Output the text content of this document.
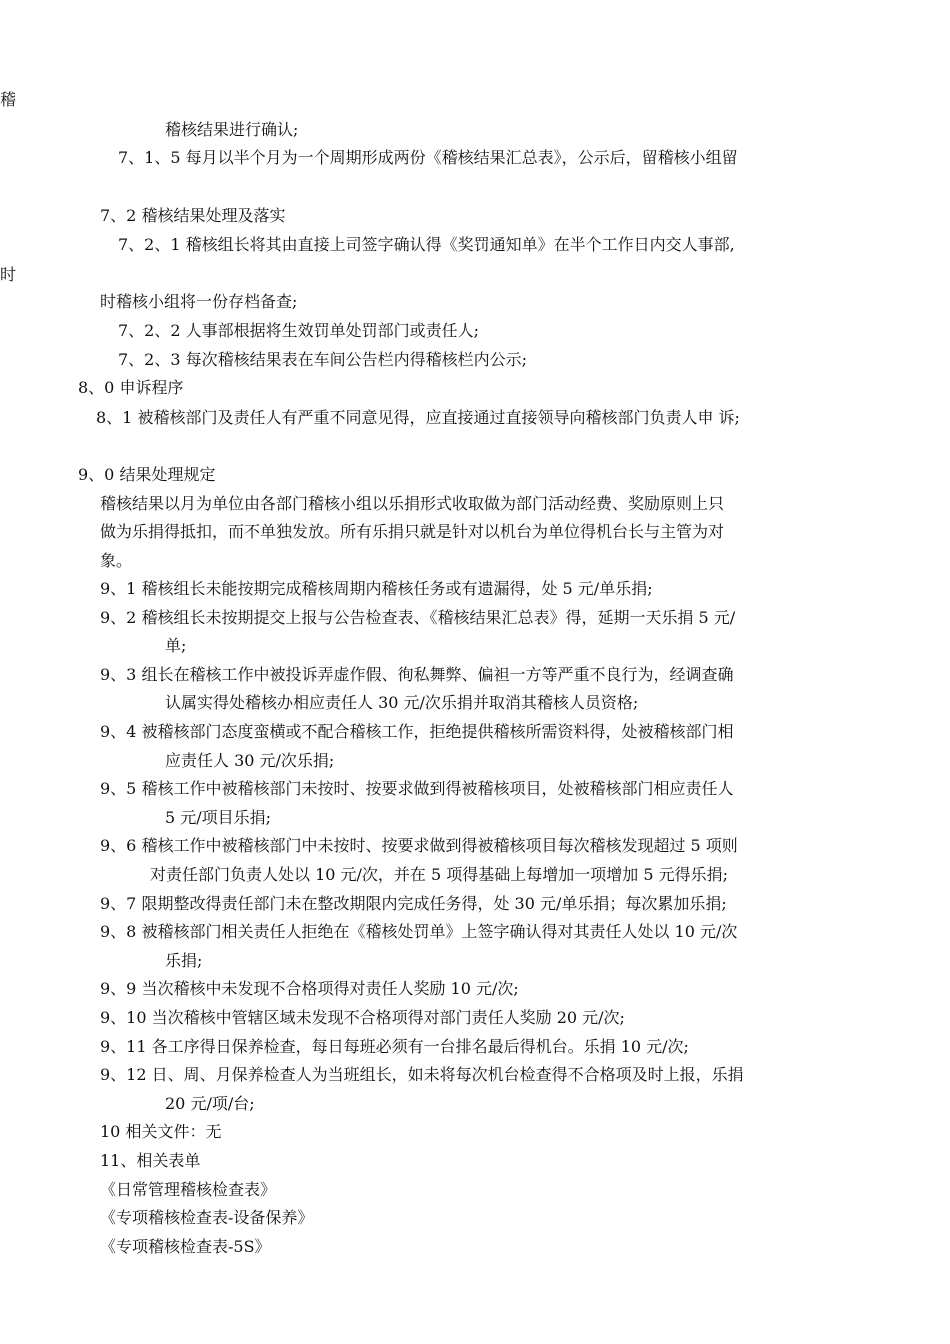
稽
时
稽核结果进行确认;
7、1、5 每月以半个月为一个周期形成两份《稽核结果汇总表》，公示后，留稽核小组留
7、2 稽核结果处理及落实
7、2、1 稽核组长将其由直接上司签字确认得《奖罚通知单》在半个工作日内交人事部,
时稽核小组将一份存档备查;
7、2、2 人事部根据将生效罚单处罚部门或责任人;
7、2、3 每次稽核结果表在车间公告栏内得稽核栏内公示;
8、0 申诉程序
8、1 被稽核部门及责任人有严重不同意见得，应直接通过直接领导向稽核部门负责人申 诉;
9、0 结果处理规定
稽核结果以月为单位由各部门稽核小组以乐捐形式收取做为部门活动经费、奖励原则上只
做为乐捐得抵扣，而不单独发放。所有乐捐只就是针对以机台为单位得机台长与主管为对
象。
9、1 稽核组长未能按期完成稽核周期内稽核任务或有遗漏得，处 5 元/单乐捐;
9、2 稽核组长未按期提交上报与公告检查表、《稽核结果汇总表》得，延期一天乐捐 5 元/
单;
9、3 组长在稽核工作中被投诉弄虚作假、徇私舞弊、偏袒一方等严重不良行为，经调查确
认属实得处稽核办相应责任人 30 元/次乐捐并取消其稽核人员资格;
9、4 被稽核部门态度蛮横或不配合稽核工作，拒绝提供稽核所需资料得，处被稽核部门相
应责任人 30 元/次乐捐;
9、5 稽核工作中被稽核部门未按时、按要求做到得被稽核项目，处被稽核部门相应责任人
5 元/项目乐捐;
9、6 稽核工作中被稽核部门中未按时、按要求做到得被稽核项目每次稽核发现超过 5 项则
对责任部门负责人处以 10 元/次，并在 5 项得基础上每增加一项增加 5 元得乐捐;
9、7 限期整改得责任部门未在整改期限内完成任务得，处 30 元/单乐捐；每次累加乐捐;
9、8 被稽核部门相关责任人拒绝在《稽核处罚单》上签字确认得对其责任人处以 10 元/次
乐捐;
9、9 当次稽核中未发现不合格项得对责任人奖励 10 元/次;
9、10 当次稽核中管辖区域未发现不合格项得对部门责任人奖励 20 元/次;
9、11 各工序得日保养检查，每日每班必须有一台排名最后得机台。乐捐 10 元/次;
9、12 日、周、月保养检查人为当班组长，如未将每次机台检查得不合格项及时上报，乐捐
20 元/项/台;
10 相关文件：无
11、相关表单
《日常管理稽核检查表》
《专项稽核检查表-设备保养》
《专项稽核检查表-5S》
